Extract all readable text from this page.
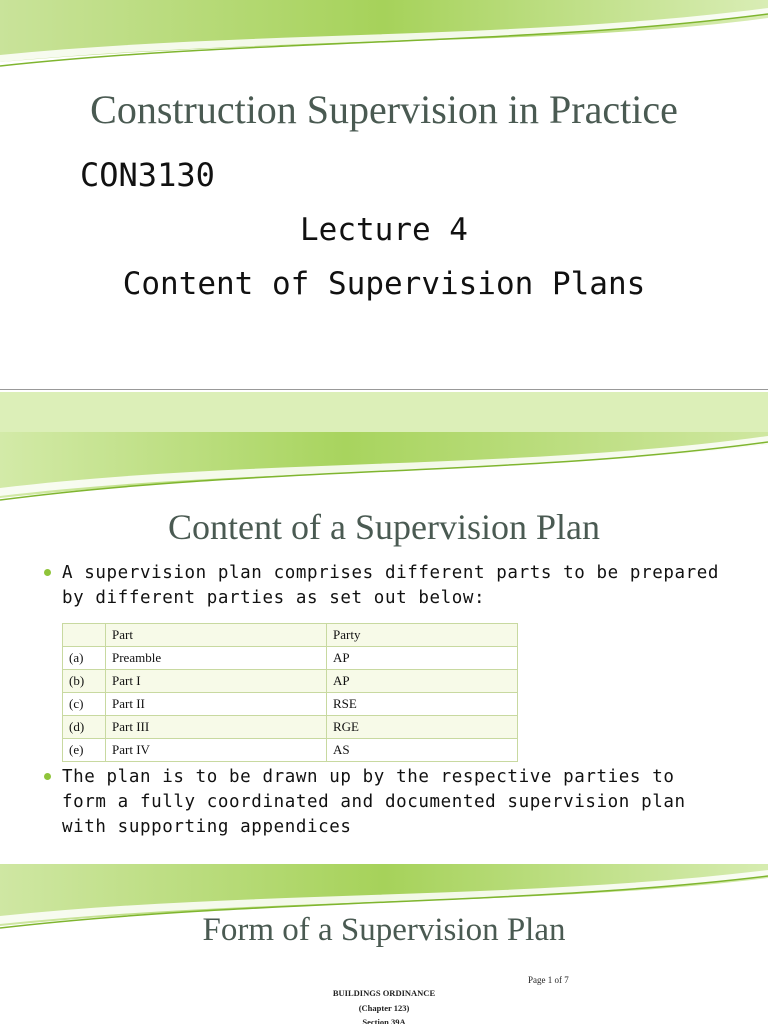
Construction Supervision in Practice
CON3130
Lecture 4
Content of Supervision Plans
Content of a Supervision Plan
A supervision plan comprises different parts to be prepared by different parties as set out below:
	Part	Party
(a)	Preamble	AP
(b)	Part I	AP
(c)	Part II	RSE
(d)	Part III	RGE
(e)	Part IV	AS
The plan is to be drawn up by the respective parties to form a fully coordinated and documented supervision plan with supporting appendices
Form of a Supervision Plan
Page 1 of 7
BUILDINGS ORDINANCE
(Chapter 123)
Section 39A
